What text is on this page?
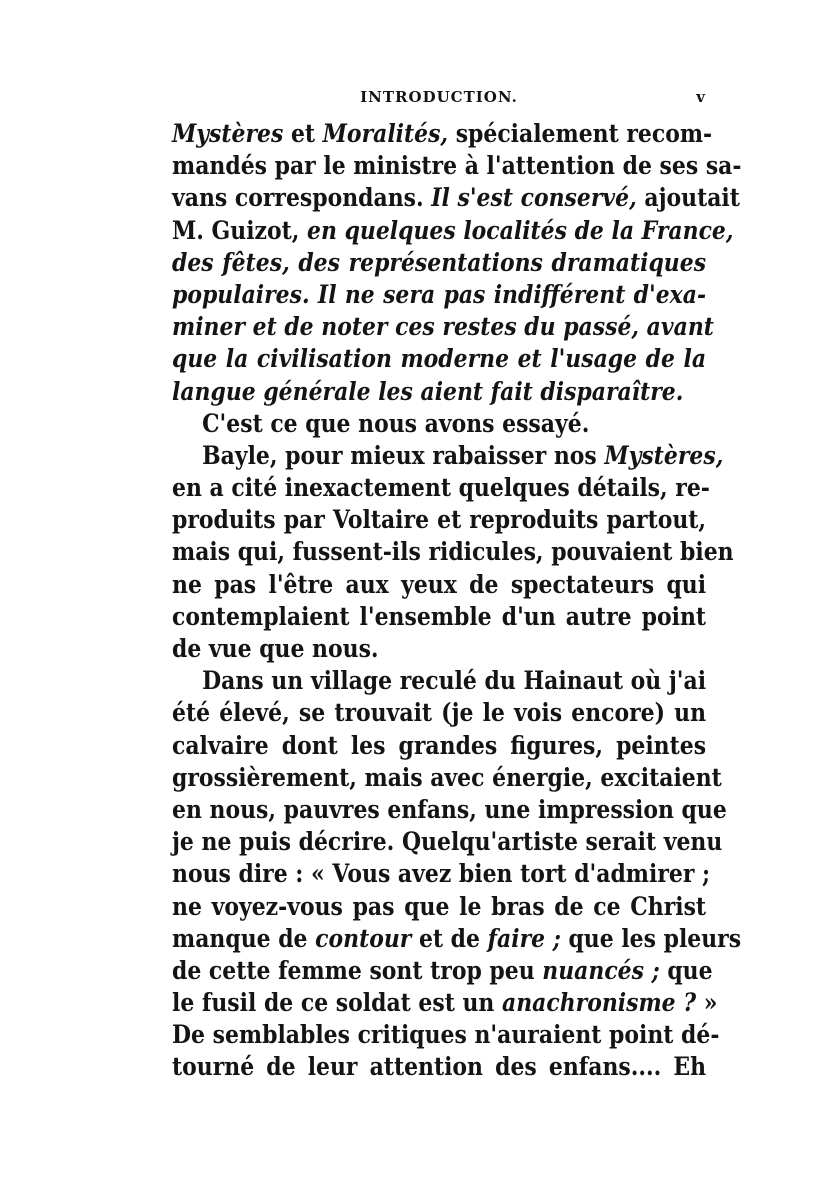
INTRODUCTION.	v
Mystères et Moralités, spécialement recom-
mandés par le ministre à l'attention de ses sa-
vans correspondans. Il s'est conservé, ajoutait
M. Guizot, en quelques localités de la France,
des fêtes, des représentations dramatiques
populaires. Il ne sera pas indifférent d'exa-
miner et de noter ces restes du passé, avant
que la civilisation moderne et l'usage de la
langue générale les aient fait disparaître.
C'est ce que nous avons essayé.
Bayle, pour mieux rabaisser nos Mystères,
en a cité inexactement quelques détails, re-
produits par Voltaire et reproduits partout,
mais qui, fussent-ils ridicules, pouvaient bien
ne pas l'être aux yeux de spectateurs qui
contemplaient l'ensemble d'un autre point
de vue que nous.
Dans un village reculé du Hainaut où j'ai
été élevé, se trouvait (je le vois encore) un
calvaire dont les grandes figures, peintes
grossièrement, mais avec énergie, excitaient
en nous, pauvres enfans, une impression que
je ne puis décrire. Quelqu'artiste serait venu
nous dire : « Vous avez bien tort d'admirer ;
ne voyez-vous pas que le bras de ce Christ
manque de contour et de faire ; que les pleurs
de cette femme sont trop peu nuancés ; que
le fusil de ce soldat est un anachronisme ? »
De semblables critiques n'auraient point dé-
tourné de leur attention des enfans.... Eh
